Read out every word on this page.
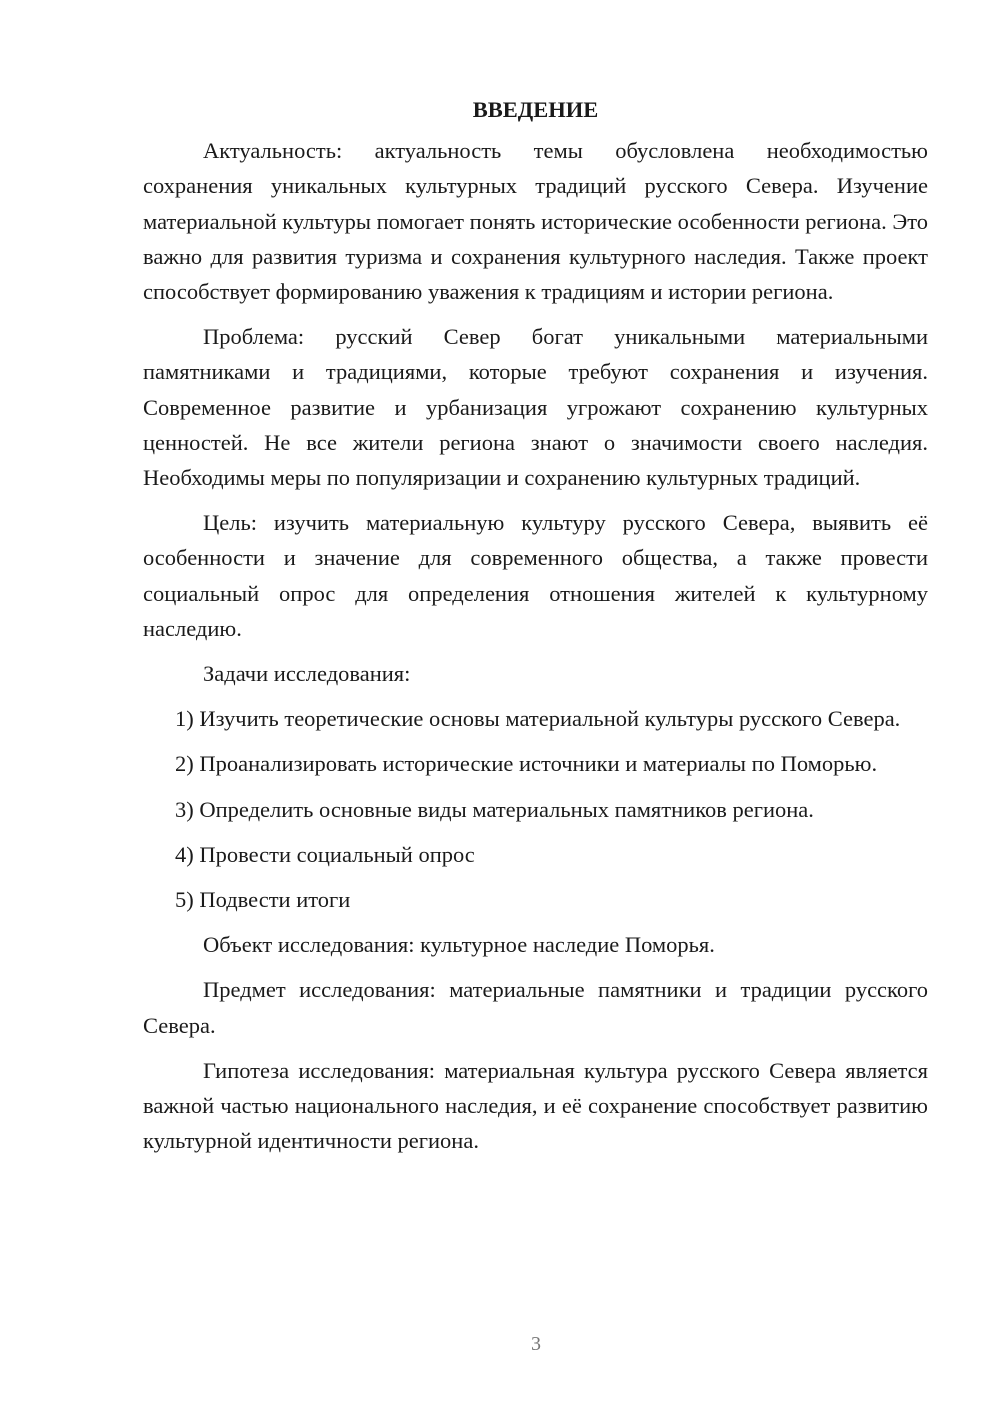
ВВЕДЕНИЕ

Актуальность: актуальность темы обусловлена необходимостью сохранения уникальных культурных традиций русского Севера. Изучение материальной культуры помогает понять исторические особенности региона. Это важно для развития туризма и сохранения культурного наследия. Также проект способствует формированию уважения к традициям и истории региона.

Проблема: русский Север богат уникальными материальными памятниками и традициями, которые требуют сохранения и изучения. Современное развитие и урбанизация угрожают сохранению культурных ценностей. Не все жители региона знают о значимости своего наследия. Необходимы меры по популяризации и сохранению культурных традиций.

Цель: изучить материальную культуру русского Севера, выявить её особенности и значение для современного общества, а также провести социальный опрос для определения отношения жителей к культурному наследию.

Задачи исследования:

1) Изучить теоретические основы материальной культуры русского Севера.

2) Проанализировать исторические источники и материалы по Поморью.

3) Определить основные виды материальных памятников региона.

4) Провести социальный опрос

5) Подвести итоги

Объект исследования: культурное наследие Поморья.

Предмет исследования: материальные памятники и традиции русского Севера.

Гипотеза исследования: материальная культура русского Севера является важной частью национального наследия, и её сохранение способствует развитию культурной идентичности региона.

3
